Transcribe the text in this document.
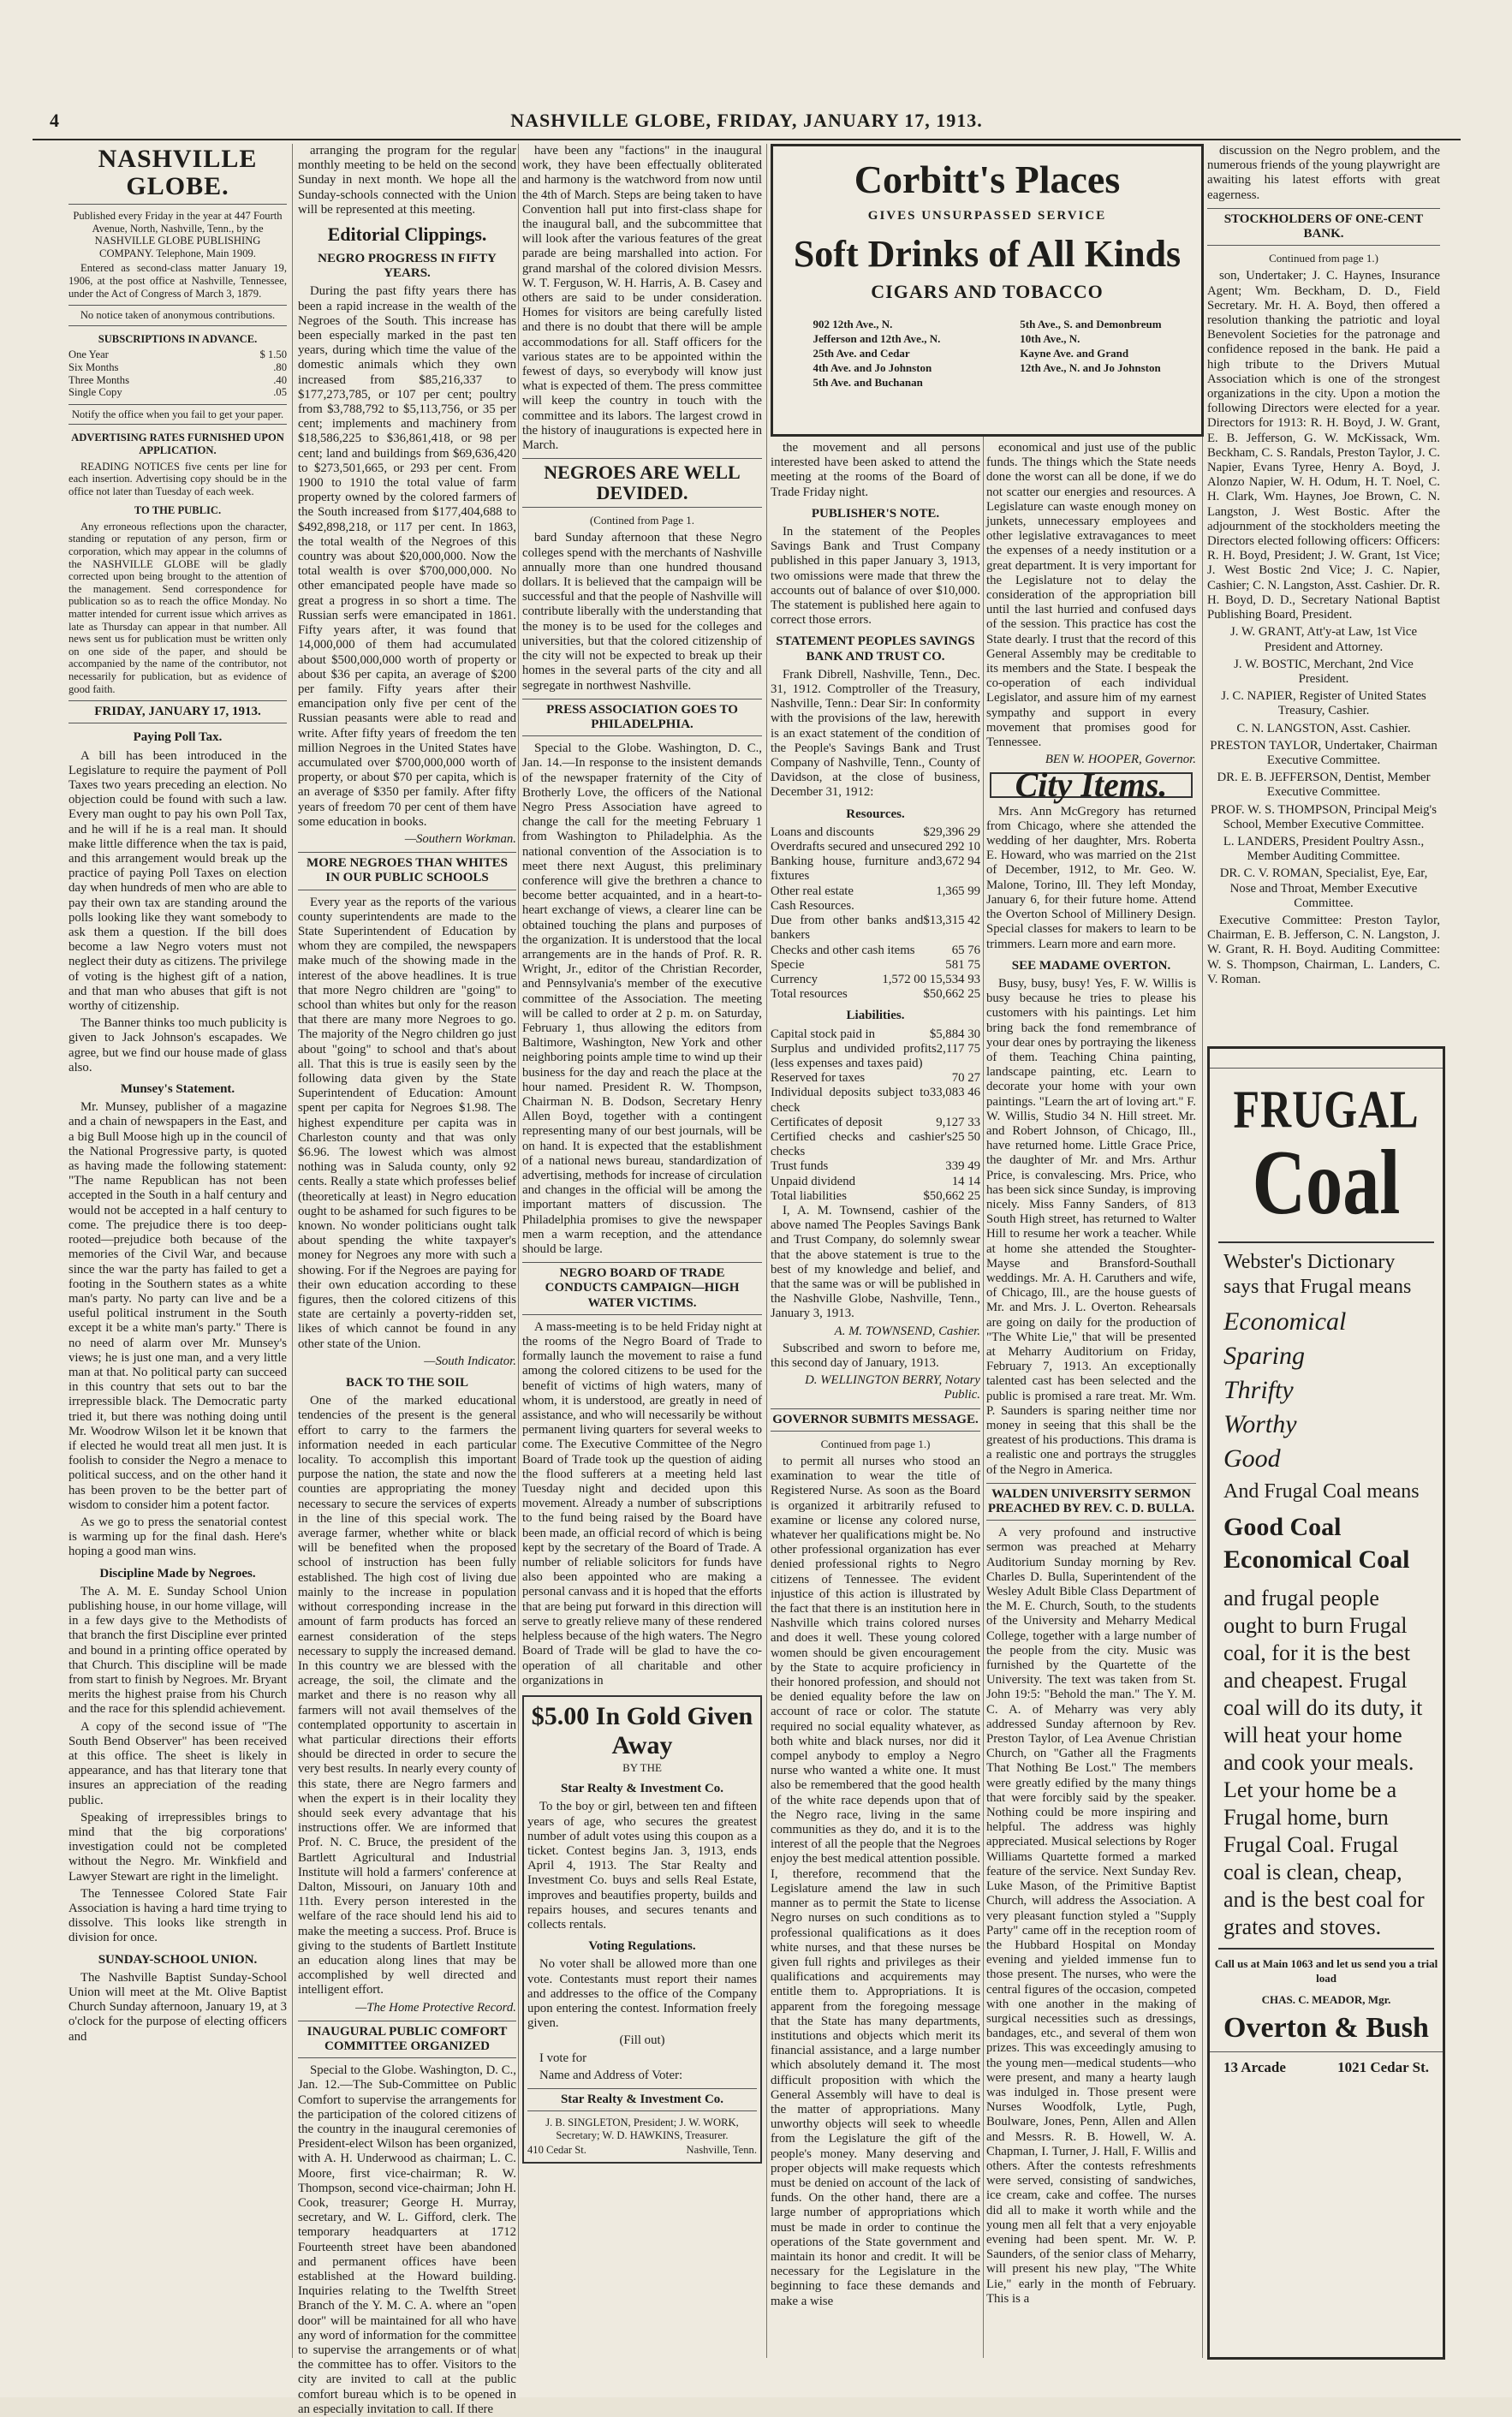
4	NASHVILLE GLOBE, FRIDAY, JANUARY 17, 1913.
NASHVILLE GLOBE.

Published every Friday in the year at 447 Fourth Avenue, North, Nashville, Tenn., by the NASHVILLE GLOBE PUBLISHING COMPANY. Telephone, Main 1909.

Entered as second-class matter January 19, 1906, at the post office at Nashville, Tennessee, under the Act of Congress of March 3, 1879.

No notice taken of anonymous contributions.

SUBSCRIPTIONS IN ADVANCE.
One Year	$ 1.50
Six Months	.80
Three Months	.40
Single Copy	.05

Notify the office when you fail to get your paper.

ADVERTISING RATES FURNISHED UPON APPLICATION.

READING NOTICES five cents per line for each insertion. Advertising copy should be in the office not later than Tuesday of each week.

TO THE PUBLIC.

Any erroneous reflections upon the character, standing or reputation of any person, firm or corporation, which may appear in the columns of the NASHVILLE GLOBE will be gladly corrected upon being brought to the attention of the management. Send correspondence for publication so as to reach the office Monday. No matter intended for current issue which arrives as late as Thursday can appear in that number. All news sent us for publication must be written only on one side of the paper, and should be accompanied by the name of the contributor, not necessarily for publication, but as evidence of good faith.

FRIDAY, JANUARY 17, 1913.
Paying Poll Tax.

A bill has been introduced in the Legislature to require the payment of Poll Taxes two years preceding an election. No objection could be found with such a law. Every man ought to pay his own Poll Tax, and he will if he is a real man. It should make little difference when the tax is paid, and this arrangement would break up the practice of paying Poll Taxes on election day when hundreds of men who are able to pay their own tax are standing around the polls looking like they want somebody to ask them a question. If the bill does become a law Negro voters must not neglect their duty as citizens. The privilege of voting is the highest gift of a nation, and that man who abuses that gift is not worthy of citizenship.

The Banner thinks too much publicity is given to Jack Johnson's escapades. We agree, but we find our house made of glass also.

Munsey's Statement.

Mr. Munsey, publisher of a magazine and a chain of newspapers in the East, and a big Bull Moose high up in the council of the National Progressive party, is quoted as having made the following statement: "The name Republican has not been accepted in the South in a half century and would not be accepted in a half century to come. The prejudice there is too deep-rooted—prejudice both because of the memories of the Civil War, and because since the war the party has failed to get a footing in the Southern states as a white man's party. No party can live and be a useful political instrument in the South except it be a white man's party." There is no need of alarm over Mr. Munsey's views; he is just one man, and a very little man at that. No political party can succeed in this country that sets out to bar the irrepressible black. The Democratic party tried it, but there was nothing doing until Mr. Woodrow Wilson let it be known that if elected he would treat all men just. It is foolish to consider the Negro a menace to political success, and on the other hand it has been proven to be the better part of wisdom to consider him a potent factor.

As we go to press the senatorial contest is warming up for the final dash. Here's hoping a good man wins.

Discipline Made by Negroes.

The A. M. E. Sunday School Union publishing house, in our home village, will in a few days give to the Methodists of that branch the first Discipline ever printed and bound in a printing office operated by that Church. This discipline will be made from start to finish by Negroes. Mr. Bryant merits the highest praise from his Church and the race for this splendid achievement.

A copy of the second issue of "The South Bend Observer" has been received at this office. The sheet is likely in appearance, and has that literary tone that insures an appreciation of the reading public.

Speaking of irrepressibles brings to mind that the big corporations' investigation could not be completed without the Negro. Mr. Winkfield and Lawyer Stewart are right in the limelight.

The Tennessee Colored State Fair Association is having a hard time trying to dissolve. This looks like strength in division for once.

SUNDAY-SCHOOL UNION.

The Nashville Baptist Sunday-School Union will meet at the Mt. Olive Baptist Church Sunday afternoon, January 19, at 3 o'clock for the purpose of electing officers and

arranging the program for the regular monthly meeting to be held on the second Sunday in next month. We hope all the Sunday-schools connected with the Union will be represented at this meeting.

Editorial Clippings.
NEGRO PROGRESS IN FIFTY YEARS.

During the past fifty years there has been a rapid increase in the wealth of the Negroes of the South. This increase has been especially marked in the past ten years, during which time the value of the domestic animals which they own increased from $85,216,337 to $177,273,785, or 107 per cent; poultry from $3,788,792 to $5,113,756, or 35 per cent; implements and machinery from $18,586,225 to $36,861,418, or 98 per cent; land and buildings from $69,636,420 to $273,501,665, or 293 per cent. From 1900 to 1910 the total value of farm property owned by the colored farmers of the South increased from $177,404,688 to $492,898,218, or 117 per cent. In 1863, the total wealth of the Negroes of this country was about $20,000,000. Now the total wealth is over $700,000,000. No other emancipated people have made so great a progress in so short a time. The Russian serfs were emancipated in 1861. Fifty years after, it was found that 14,000,000 of them had accumulated about $500,000,000 worth of property or about $36 per capita, an average of $200 per family. Fifty years after their emancipation only five per cent of the Russian peasants were able to read and write. After fifty years of freedom the ten million Negroes in the United States have accumulated over $700,000,000 worth of property, or about $70 per capita, which is an average of $350 per family. After fifty years of freedom 70 per cent of them have some education in books.

—Southern Workman.

MORE NEGROES THAN WHITES IN OUR PUBLIC SCHOOLS

Every year as the reports of the various county superintendents are made to the State Superintendent of Education by whom they are compiled, the newspapers make much of the showing made in the interest of the above headlines. It is true that more Negro children are "going" to school than whites but only for the reason that there are many more Negroes to go. The majority of the Negro children go just about "going" to school and that's about all. That this is true is easily seen by the following data given by the State Superintendent of Education: Amount spent per capita for Negroes $1.98. The highest expenditure per capita was in Charleston county and that was only $6.96. The lowest which was almost nothing was in Saluda county, only 92 cents. Really a state which professes belief (theoretically at least) in Negro education ought to be ashamed for such figures to be known. No wonder politicians ought talk about spending the white taxpayer's money for Negroes any more with such a showing. For if the Negroes are paying for their own education according to these figures, then the colored citizens of this state are certainly a poverty-ridden set, likes of which cannot be found in any other state of the Union.

—South Indicator.

BACK TO THE SOIL

One of the marked educational tendencies of the present is the general effort to carry to the farmers the information needed in each particular locality. To accomplish this important purpose the nation, the state and now the counties are appropriating the money necessary to secure the services of experts in the line of this special work. The average farmer, whether white or black will be benefited when the proposed school of instruction has been fully established. The high cost of living due mainly to the increase in population without corresponding increase in the amount of farm products has forced an earnest consideration of the steps necessary to supply the increased demand. In this country we are blessed with the acreage, the soil, the climate and the market and there is no reason why all farmers will not avail themselves of the contemplated opportunity to ascertain in what particular directions their efforts should be directed in order to secure the very best results. In nearly every county of this state, there are Negro farmers and when the expert is in their locality they should seek every advantage that his instructions offer. We are informed that Prof. N. C. Bruce, the president of the Bartlett Agricultural and Industrial Institute will hold a farmers' conference at Dalton, Missouri, on January 10th and 11th. Every person interested in the welfare of the race should lend his aid to make the meeting a success. Prof. Bruce is giving to the students of Bartlett Institute an education along lines that may be accomplished by well directed and intelligent effort.

—The Home Protective Record.

INAUGURAL PUBLIC COMFORT COMMITTEE ORGANIZED

Special to the Globe. Washington, D. C., Jan. 12.—The Sub-Committee on Public Comfort to supervise the arrangements for the participation of the colored citizens of the country in the inaugural ceremonies of President-elect Wilson has been organized, with A. H. Underwood as chairman; L. C. Moore, first vice-chairman; R. W. Thompson, second vice-chairman; John H. Cook, treasurer; George H. Murray, secretary, and W. L. Gifford, clerk. The temporary headquarters at 1712 Fourteenth street have been abandoned and permanent offices have been established at the Howard building. Inquiries relating to the Twelfth Street Branch of the Y. M. C. A. where an "open door" will be maintained for all who have any word of information for the committee to supervise the arrangements or of what the committee has to offer. Visitors to the city are invited to call at the public comfort bureau which is to be opened in an especially invitation to call. If there

have been any "factions" in the inaugural work, they have been effectually obliterated and harmony is the watchword from now until the 4th of March. Steps are being taken to have Convention hall put into first-class shape for the inaugural ball, and the subcommittee that will look after the various features of the great parade are being marshalled into action. For grand marshal of the colored division Messrs. W. T. Ferguson, W. H. Harris, A. B. Casey and others are said to be under consideration. Homes for visitors are being carefully listed and there is no doubt that there will be ample accommodations for all. Staff officers for the various states are to be appointed within the fewest of days, so everybody will know just what is expected of them. The press committee will keep the country in touch with the committee and its labors. The largest crowd in the history of inaugurations is expected here in March.

NEGROES ARE WELL DEVIDED.
(Contined from Page 1.

bard Sunday afternoon that these Negro colleges spend with the merchants of Nashville annually more than one hundred thousand dollars. It is believed that the campaign will be successful and that the people of Nashville will contribute liberally with the understanding that the money is to be used for the colleges and universities, but that the colored citizenship of the city will not be expected to break up their homes in the several parts of the city and all segregate in northwest Nashville.

PRESS ASSOCIATION GOES TO PHILADELPHIA.

Special to the Globe. Washington, D. C., Jan. 14.—In response to the insistent demands of the newspaper fraternity of the City of Brotherly Love, the officers of the National Negro Press Association have agreed to change the call for the meeting February 1 from Washington to Philadelphia. As the national convention of the Association is to meet there next August, this preliminary conference will give the brethren a chance to become better acquainted, and in a heart-to-heart exchange of views, a clearer line can be obtained touching the plans and purposes of the organization. It is understood that the local arrangements are in the hands of Prof. R. R. Wright, Jr., editor of the Christian Recorder, and Pennsylvania's member of the executive committee of the Association. The meeting will be called to order at 2 p. m. on Saturday, February 1, thus allowing the editors from Baltimore, Washington, New York and other neighboring points ample time to wind up their business for the day and reach the place at the hour named. President R. W. Thompson, Chairman N. B. Dodson, Secretary Henry Allen Boyd, together with a contingent representing many of our best journals, will be on hand. It is expected that the establishment of a national news bureau, standardization of advertising, methods for increase of circulation and changes in the official will be among the important matters of discussion. The Philadelphia promises to give the newspaper men a warm reception, and the attendance should be large.

NEGRO BOARD OF TRADE CONDUCTS CAMPAIGN—HIGH WATER VICTIMS.

A mass-meeting is to be held Friday night at the rooms of the Negro Board of Trade to formally launch the movement to raise a fund among the colored citizens to be used for the benefit of victims of high waters, many of whom, it is understood, are greatly in need of assistance, and who will necessarily be without permanent living quarters for several weeks to come. The Executive Committee of the Negro Board of Trade took up the question of aiding the flood sufferers at a meeting held last Tuesday night and decided upon this movement. Already a number of subscriptions to the fund being raised by the Board have been made, an official record of which is being kept by the secretary of the Board of Trade. A number of reliable solicitors for funds have also been appointed who are making a personal canvass and it is hoped that the efforts that are being put forward in this direction will serve to greatly relieve many of these rendered helpless because of the high waters. The Negro Board of Trade will be glad to have the co-operation of all charitable and other organizations in

$5.00 In Gold Given Away
BY THE
Star Realty & Investment Co.

To the boy or girl, between ten and fifteen years of age, who secures the greatest number of adult votes using this coupon as a ticket. Contest begins Jan. 3, 1913, ends April 4, 1913. The Star Realty and Investment Co. buys and sells Real Estate, improves and beautifies property, builds and repairs houses, and secures tenants and collects rentals.

Voting Regulations.

No voter shall be allowed more than one vote. Contestants must report their names and addresses to the office of the Company upon entering the contest. Information freely given.

(Fill out)

I vote for

Name and Address of Voter:

Star Realty & Investment Co.

J. B. SINGLETON, President; J. W. WORK, Secretary; W. D. HAWKINS, Treasurer.

410 Cedar St.	Nashville, Tenn.
Corbitt's Places
GIVES UNSURPASSED SERVICE
Soft Drinks of All Kinds
CIGARS AND TOBACCO
902 12th Ave., N.
Jefferson and 12th Ave., N.
25th Ave. and Cedar
4th Ave. and Jo Johnston
5th Ave. and Buchanan
5th Ave., S. and Demonbreum
10th Ave., N.
Kayne Ave. and Grand
12th Ave., N. and Jo Johnston

the movement and all persons interested have been asked to attend the meeting at the rooms of the Board of Trade Friday night.

PUBLISHER'S NOTE.

In the statement of the Peoples Savings Bank and Trust Company published in this paper January 3, 1913, two omissions were made that threw the accounts out of balance of over $10,000. The statement is published here again to correct those errors.

STATEMENT PEOPLES SAVINGS BANK AND TRUST CO.

Frank Dibrell, Nashville, Tenn., Dec. 31, 1912. Comptroller of the Treasury, Nashville, Tenn.: Dear Sir: In conformity with the provisions of the law, herewith is an exact statement of the condition of the People's Savings Bank and Trust Company of Nashville, Tenn., County of Davidson, at the close of business, December 31, 1912:

Resources.
Loans and discounts	$29,396 29
Overdrafts secured and unsecured 292 10
Banking house, furniture and fixtures
3,672 94
Other real estate	1,365 99
Cash Resources.
Due from other banks and bankers
$13,315 42
Checks and other cash items	65 76
Specie	581 75
Currency	1,572 00 15,534 93
Total resources	$50,662 25
Liabilities.
Capital stock paid in	$5,884 30
Surplus and undivided profits (less expenses and taxes paid)
2,117 75
Reserved for taxes	70 27
Individual deposits subject to check
33,083 46
Certificates of deposit	9,127 33
Certified checks and cashier's checks
25 50
Trust funds	339 49
Unpaid dividend	14 14
Total liabilities	$50,662 25

I, A. M. Townsend, cashier of the above named The Peoples Savings Bank and Trust Company, do solemnly swear that the above statement is true to the best of my knowledge and belief, and that the same was or will be published in the Nashville Globe, Nashville, Tenn., January 3, 1913.

A. M. TOWNSEND, Cashier.

Subscribed and sworn to before me, this second day of January, 1913.

D. WELLINGTON BERRY, Notary Public.

GOVERNOR SUBMITS MESSAGE.
Continued from page 1.)

to permit all nurses who stood an examination to wear the title of Registered Nurse. As soon as the Board is organized it arbitrarily refused to examine or license any colored nurse, whatever her qualifications might be. No other professional organization has ever denied professional rights to Negro citizens of Tennessee. The evident injustice of this action is illustrated by the fact that there is an institution here in Nashville which trains colored nurses and does it well. These young colored women should be given encouragement by the State to acquire proficiency in their honored profession, and should not be denied equality before the law on account of race or color. The statute required no social equality whatever, as both white and black nurses, nor did it compel anybody to employ a Negro nurse who wanted a white one. It must also be remembered that the good health of the white race depends upon that of the Negro race, living in the same communities as they do, and it is to the interest of all the people that the Negroes enjoy the best medical attention possible. I, therefore, recommend that the Legislature amend the law in such manner as to permit the State to license Negro nurses on such conditions as to professional qualifications as it does white nurses, and that these nurses be given full rights and privileges as their qualifications and acquirements may entitle them to. Appropriations. It is apparent from the foregoing message that the State has many departments, institutions and objects which merit its financial assistance, and a large number which absolutely demand it. The most difficult proposition with which the General Assembly will have to deal is the matter of appropriations. Many unworthy objects will seek to wheedle from the Legislature the gift of the people's money. Many deserving and proper objects will make requests which must be denied on account of the lack of funds. On the other hand, there are a large number of appropriations which must be made in order to continue the operations of the State government and maintain its honor and credit. It will be necessary for the Legislature in the beginning to face these demands and make a wise

economical and just use of the public funds. The things which the State needs done the worst can all be done, if we do not scatter our energies and resources. A Legislature can waste enough money on junkets, unnecessary employees and other legislative extravagances to meet the expenses of a needy institution or a great department. It is very important for the Legislature not to delay the consideration of the appropriation bill until the last hurried and confused days of the session. This practice has cost the State dearly. I trust that the record of this General Assembly may be creditable to its members and the State. I bespeak the co-operation of each individual Legislator, and assure him of my earnest sympathy and support in every movement that promises good for Tennessee.

BEN W. HOOPER, Governor.

City Items.

Mrs. Ann McGregory has returned from Chicago, where she attended the wedding of her daughter, Mrs. Roberta E. Howard, who was married on the 21st of December, 1912, to Mr. Geo. W. Malone, Torino, Ill. They left Monday, January 6, for their future home. Attend the Overton School of Millinery Design. Special classes for makers to learn to be trimmers. Learn more and earn more.

SEE MADAME OVERTON.

Busy, busy, busy! Yes, F. W. Willis is busy because he tries to please his customers with his paintings. Let him bring back the fond remembrance of your dear ones by portraying the likeness of them. Teaching China painting, landscape painting, etc. Learn to decorate your home with your own paintings. "Learn the art of loving art." F. W. Willis, Studio 34 N. Hill street. Mr. and Robert Johnson, of Chicago, Ill., have returned home. Little Grace Price, the daughter of Mr. and Mrs. Arthur Price, is convalescing. Mrs. Price, who has been sick since Sunday, is improving nicely. Miss Fanny Sanders, of 813 South High street, has returned to Walter Hill to resume her work a teacher. While at home she attended the Stoughter-Mayse and Bransford-Southall weddings. Mr. A. H. Caruthers and wife, of Chicago, Ill., are the house guests of Mr. and Mrs. J. L. Overton. Rehearsals are going on daily for the production of "The White Lie," that will be presented at Meharry Auditorium on Friday, February 7, 1913. An exceptionally talented cast has been selected and the public is promised a rare treat. Mr. Wm. P. Saunders is sparing neither time nor money in seeing that this shall be the greatest of his productions. This drama is a realistic one and portrays the struggles of the Negro in America.

WALDEN UNIVERSITY SERMON PREACHED BY REV. C. D. BULLA.

A very profound and instructive sermon was preached at Meharry Auditorium Sunday morning by Rev. Charles D. Bulla, Superintendent of the Wesley Adult Bible Class Department of the M. E. Church, South, to the students of the University and Meharry Medical College, together with a large number of the people from the city. Music was furnished by the Quartette of the University. The text was taken from St. John 19:5: "Behold the man." The Y. M. C. A. of Meharry was very ably addressed Sunday afternoon by Rev. Preston Taylor, of Lea Avenue Christian Church, on "Gather all the Fragments That Nothing Be Lost." The members were greatly edified by the many things that were forcibly said by the speaker. Nothing could be more inspiring and helpful. The address was highly appreciated. Musical selections by Roger Williams Quartette formed a marked feature of the service. Next Sunday Rev. Luke Mason, of the Primitive Baptist Church, will address the Association. A very pleasant function styled a "Supply Party" came off in the reception room of the Hubbard Hospital on Monday evening and yielded immense fun to those present. The nurses, who were the central figures of the occasion, competed with one another in the making of surgical necessities such as dressings, bandages, etc., and several of them won prizes. This was exceedingly amusing to the young men—medical students—who were present, and many a hearty laugh was indulged in. Those present were Nurses Woodfolk, Lytle, Pugh, Boulware, Jones, Penn, Allen and Allen and Messrs. R. B. Howell, W. A. Chapman, I. Turner, J. Hall, F. Willis and others. After the contests refreshments were served, consisting of sandwiches, ice cream, cake and coffee. The nurses did all to make it worth while and the young men all felt that a very enjoyable evening had been spent. Mr. W. P. Saunders, of the senior class of Meharry, will present his new play, "The White Lie," early in the month of February. This is a

discussion on the Negro problem, and the numerous friends of the young playwright are awaiting his latest efforts with great eagerness.

STOCKHOLDERS OF ONE-CENT BANK.
Continued from page 1.)

son, Undertaker; J. C. Haynes, Insurance Agent; Wm. Beckham, D. D., Field Secretary. Mr. H. A. Boyd, then offered a resolution thanking the patriotic and loyal Benevolent Societies for the patronage and confidence reposed in the bank. He paid a high tribute to the Drivers Mutual Association which is one of the strongest organizations in the city. Upon a motion the following Directors were elected for a year. Directors for 1913: R. H. Boyd, J. W. Grant, E. B. Jefferson, G. W. McKissack, Wm. Beckham, C. S. Randals, Preston Taylor, J. C. Napier, Evans Tyree, Henry A. Boyd, J. Alonzo Napier, W. H. Odum, H. T. Noel, C. H. Clark, Wm. Haynes, Joe Brown, C. N. Langston, J. West Bostic. After the adjournment of the stockholders meeting the Directors elected following officers: Officers: R. H. Boyd, President; J. W. Grant, 1st Vice; J. West Bostic 2nd Vice; J. C. Napier, Cashier; C. N. Langston, Asst. Cashier. Dr. R. H. Boyd, D. D., Secretary National Baptist Publishing Board, President.

J. W. GRANT, Att'y-at Law, 1st Vice President and Attorney.

J. W. BOSTIC, Merchant, 2nd Vice President.

J. C. NAPIER, Register of United States Treasury, Cashier.

C. N. LANGSTON, Asst. Cashier.

PRESTON TAYLOR, Undertaker, Chairman Executive Committee.

DR. E. B. JEFFERSON, Dentist, Member Executive Committee.

PROF. W. S. THOMPSON, Principal Meig's School, Member Executive Committee.

L. LANDERS, President Poultry Assn., Member Auditing Committee.

DR. C. V. ROMAN, Specialist, Eye, Ear, Nose and Throat, Member Executive Committee.

Executive Committee: Preston Taylor, Chairman, E. B. Jefferson, C. N. Langston, J. W. Grant, R. H. Boyd. Auditing Committee: W. S. Thompson, Chairman, L. Landers, C. V. Roman.

FRUGAL
Coal
Webster's Dictionary says that Frugal means
Economical
Sparing
Thrifty
Worthy
Good
And Frugal Coal means
Good Coal
Economical Coal
and frugal people ought to burn Frugal coal, for it is the best and cheapest. Frugal coal will do its duty, it will heat your home and cook your meals. Let your home be a Frugal home, burn Frugal Coal. Frugal coal is clean, cheap, and is the best coal for grates and stoves.
Call us at Main 1063 and let us send you a trial load
CHAS. C. MEADOR, Mgr.
Overton & Bush
13 Arcade	1021 Cedar St.
